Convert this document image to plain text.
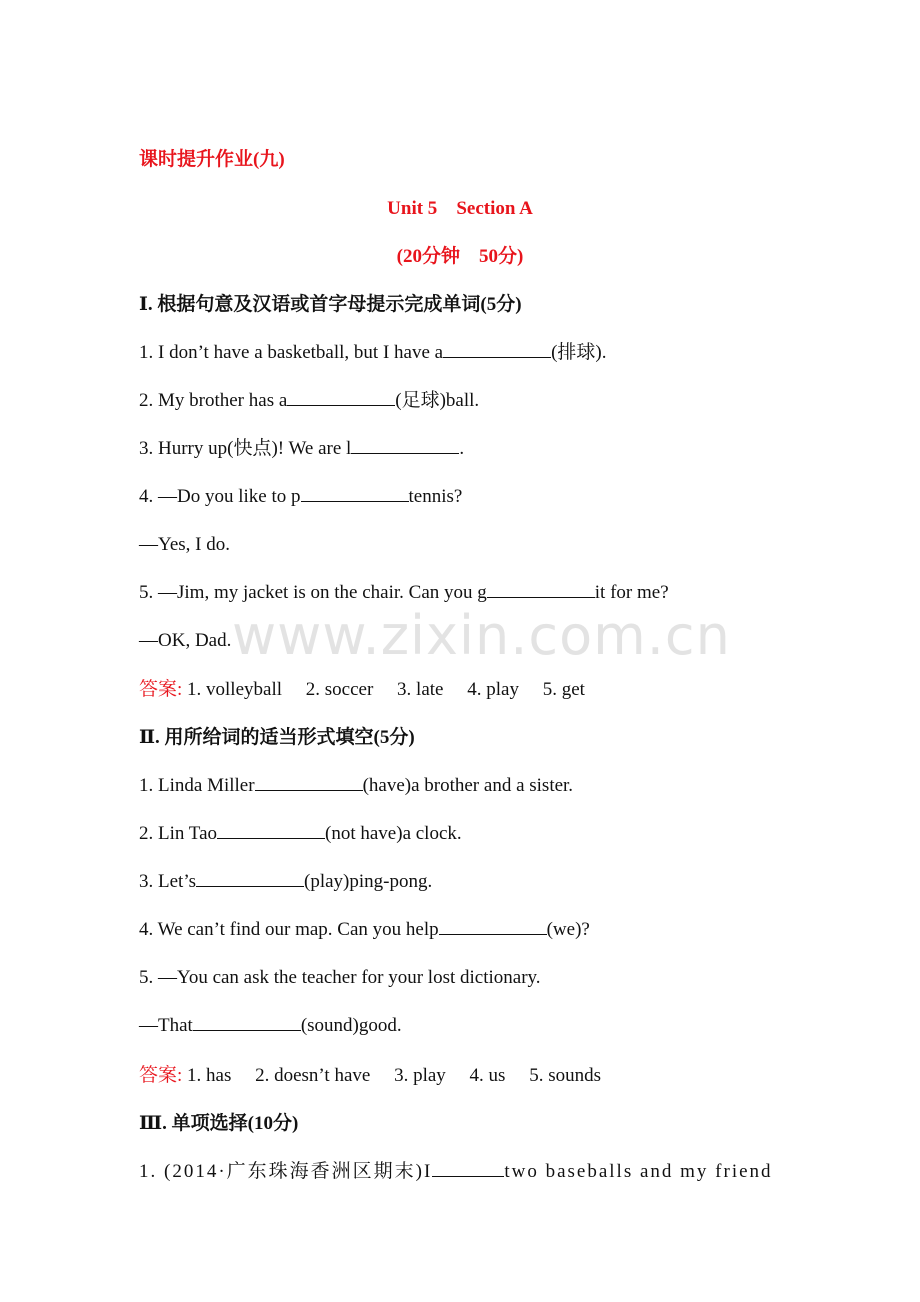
www.zixin.com.cn
课时提升作业(九)
Unit 5 Section A
(20分钟 50分)
Ⅰ. 根据句意及汉语或首字母提示完成单词(5分)
1. I don’t have a basketball, but I have a	(排球).
2. My brother has a	(足球)ball.
3. Hurry up(快点)! We are l	.
4. —Do you like to p	tennis?
—Yes, I do.
5. —Jim, my jacket is on the chair. Can you g	it for me?
—OK, Dad.
答案: 1. volleyball 2. soccer 3. late 4. play 5. get
Ⅱ. 用所给词的适当形式填空(5分)
1. Linda Miller	(have)a brother and a sister.
2. Lin Tao	(not have)a clock.
3. Let’s	(play)ping-pong.
4. We can’t find our map. Can you help	(we)?
5. —You can ask the teacher for your lost dictionary.
—That	(sound)good.
答案: 1. has 2. doesn’t have 3. play 4. us 5. sounds
Ⅲ. 单项选择(10分)
1. (2014·广东珠海香洲区期末)I	two baseballs and my friend
